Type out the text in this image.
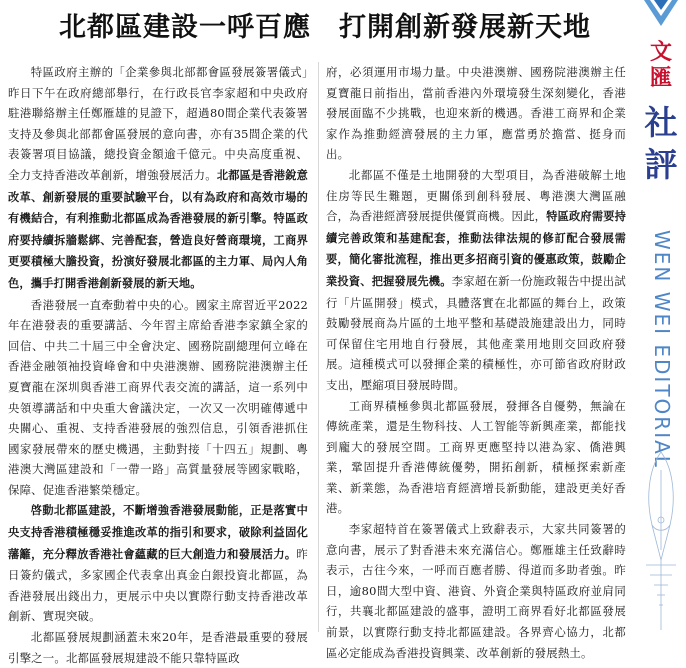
北都區建設一呼百應　打開創新發展新天地

特區政府主辦的「企業參與北部都會區發展簽署儀式」昨日下午在政府總部舉行，在行政長官李家超和中央政府駐港聯絡辦主任鄭雁雄的見證下，超過80間企業代表簽署支持及參與北部都會區發展的意向書，亦有35間企業的代表簽署項目協議，總投資金額逾千億元。中央高度重視、全力支持香港改革創新，增強發展活力。北都區是香港銳意改革、創新發展的重要試驗平台，以有為政府和高效市場的有機結合，有利推動北都區成為香港發展的新引擎。特區政府要持續拆牆鬆綁、完善配套，營造良好營商環境，工商界更要積極大膽投資，扮演好發展北都區的主力軍、局內人角色，攜手打開香港創新發展的新天地。

香港發展一直牽動着中央的心。國家主席習近平2022年在港發表的重要講話、今年習主席給香港李家鎮全家的回信、中共二十屆三中全會決定、國務院副總理何立峰在香港金融領袖投資峰會和中央港澳辦、國務院港澳辦主任夏寶龍在深圳與香港工商界代表交流的講話，這一系列中央領導講話和中央重大會議決定，一次又一次明確傳遞中央關心、重視、支持香港發展的強烈信息，引領香港抓住國家發展帶來的歷史機遇，主動對接「十四五」規劃、粵港澳大灣區建設和「一帶一路」高質量發展等國家戰略，保障、促進香港繁榮穩定。

啓動北都區建設，不斷增強香港發展動能，正是落實中央支持香港積極穩妥推進改革的指引和要求，破除利益固化藩籬，充分釋放香港社會蘊藏的巨大創造力和發展活力。昨日簽約儀式，多家國企代表拿出真金白銀投資北都區，為香港發展出錢出力，更展示中央以實際行動支持香港改革創新、實現突破。

北都區發展規劃涵蓋未來20年，是香港最重要的發展引擎之一。北都區發展規建設不能只靠特區政

府，必須運用市場力量。中央港澳辦、國務院港澳辦主任夏寶龍日前指出，當前香港內外環境發生深刻變化，香港發展面臨不少挑戰，也迎來新的機遇。香港工商界和企業家作為推動經濟發展的主力軍，應當勇於擔當、挺身而出。

北都區不僅是土地開發的大型項目，為香港破解土地住房等民生難題，更關係到創科發展、粵港澳大灣區融合，為香港經濟發展提供優質商機。因此，特區政府需要持續完善政策和基建配套，推動法律法規的修訂配合發展需要，簡化審批流程，推出更多招商引資的優惠政策，鼓勵企業投資、把握發展先機。李家超在新一份施政報告中提出試行「片區開發」模式，具體落實在北都區的舞台上，政策鼓勵發展商為片區的土地平整和基礎設施建設出力，同時可保留住宅用地自行發展，其他產業用地則交回政府發展。這種模式可以發揮企業的積極性，亦可節省政府財政支出，壓縮項目發展時間。

工商界積極參與北都區發展，發揮各自優勢，無論在傳統產業，還是生物科技、人工智能等新興產業，都能找到龐大的發展空間。工商界更應堅持以港為家、僑港興業，鞏固提升香港傳統優勢，開拓創新，積極探索新產業、新業態，為香港培育經濟增長新動能，建設更美好香港。

李家超特首在簽署儀式上致辭表示，大家共同簽署的意向書，展示了對香港未來充滿信心。鄭雁雄主任致辭時表示，古往今來，一呼而百應者勝、得道而多助者強。昨日，逾80間大型中資、港資、外資企業與特區政府並肩同行，共襄北都區建設的盛事，證明工商界看好北都區發展前景，以實際行動支持北都區建設。各界齊心協力，北都區必定能成為香港投資興業、改革創新的發展熱土。

文
匯
社
評
WEN WEI EDITORIAL
